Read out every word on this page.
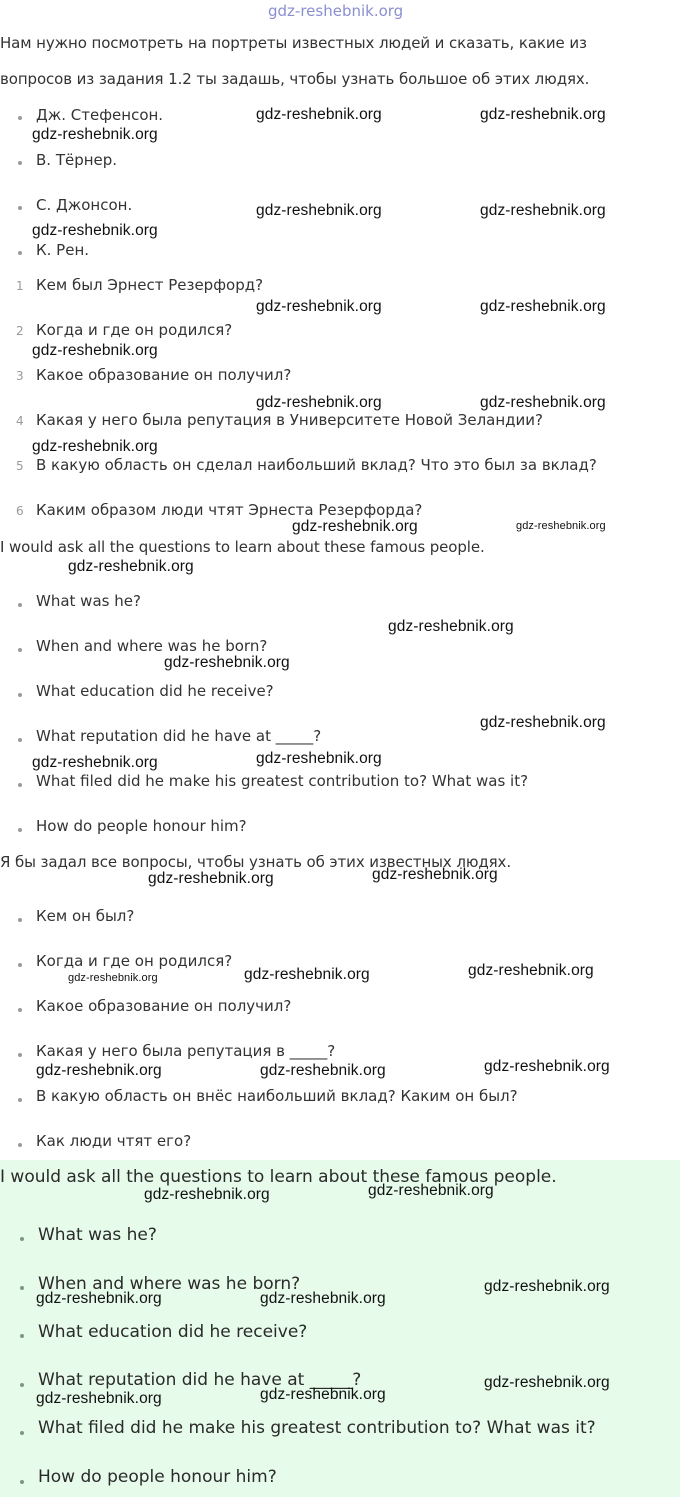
gdz-reshebnik.org
Нам нужно посмотреть на портреты известных людей и сказать, какие из
вопросов из задания 1.2 ты задашь, чтобы узнать большое об этих людях.
Дж. Стефенсон.
В. Тёрнер.
С. Джонсон.
К. Рен.
1 Кем был Эрнест Резерфорд?
2 Когда и где он родился?
3 Какое образование он получил?
4 Какая у него была репутация в Университете Новой Зеландии?
5 В какую область он сделал наибольший вклад? Что это был за вклад?
6 Каким образом люди чтят Эрнеста Резерфорда?
I would ask all the questions to learn about these famous people.
What was he?
When and where was he born?
What education did he receive?
What reputation did he have at _____?
What filed did he make his greatest contribution to? What was it?
How do people honour him?
Я бы задал все вопросы, чтобы узнать об этих известных людях.
Кем он был?
Когда и где он родился?
Какое образование он получил?
Какая у него была репутация в _____?
В какую область он внёс наибольший вклад? Каким он был?
Как люди чтят его?
I would ask all the questions to learn about these famous people.
What was he?
When and where was he born?
What education did he receive?
What reputation did he have at _____?
What filed did he make his greatest contribution to? What was it?
How do people honour him?
gdz-reshebnik.org	gdz-reshebnik.org
gdz-reshebnik.org
gdz-reshebnik.org	gdz-reshebnik.org
gdz-reshebnik.org
gdz-reshebnik.org	gdz-reshebnik.org
gdz-reshebnik.org
gdz-reshebnik.org	gdz-reshebnik.org
gdz-reshebnik.org
gdz-reshebnik.org	gdz-reshebnik.org
gdz-reshebnik.org
gdz-reshebnik.org
gdz-reshebnik.org
gdz-reshebnik.org
gdz-reshebnik.org
gdz-reshebnik.org
gdz-reshebnik.org
gdz-reshebnik.org
gdz-reshebnik.org
gdz-reshebnik.org
gdz-reshebnik.org
gdz-reshebnik.org
gdz-reshebnik.org	gdz-reshebnik.org
gdz-reshebnik.org
gdz-reshebnik.org
gdz-reshebnik.org
gdz-reshebnik.org	gdz-reshebnik.org
gdz-reshebnik.org
gdz-reshebnik.org
gdz-reshebnik.org
